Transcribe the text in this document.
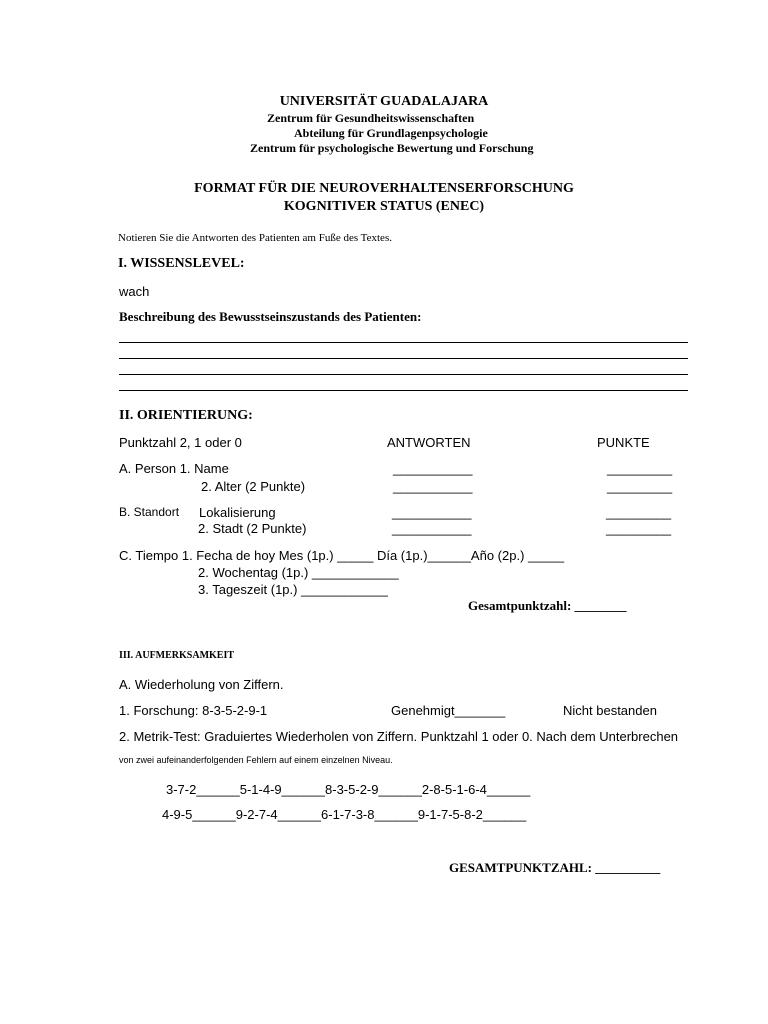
UNIVERSITÄT GUADALAJARA
Zentrum für Gesundheitswissenschaften
Abteilung für Grundlagenpsychologie
Zentrum für psychologische Bewertung und Forschung
FORMAT FÜR DIE NEUROVERHALTENSERFORSCHUNG
KOGNITIVER STATUS (ENEC)
Notieren Sie die Antworten des Patienten am Fuße des Textes.
I. WISSENSLEVEL:
wach
Beschreibung des Bewusstseinszustands des Patienten:
II. ORIENTIERUNG:
Punktzahl 2, 1 oder 0	ANTWORTEN	PUNKTE
A. Person 1. Name	___________	_________
2. Alter (2 Punkte)	___________	_________
B. Standort Lokalisierung	___________	_________
2. Stadt (2 Punkte)	___________	_________
C. Tiempo 1. Fecha de hoy Mes (1p.) _____ Día (1p.)______Año (2p.) _____
2. Wochentag (1p.) ____________
3. Tageszeit (1p.) ____________
Gesamtpunktzahl: ________
III. AUFMERKSAMKEIT
A. Wiederholung von Ziffern.
1. Forschung: 8-3-5-2-9-1	Genehmigt_______	Nicht bestanden
2. Metrik-Test: Graduiertes Wiederholen von Ziffern. Punktzahl 1 oder 0. Nach dem Unterbrechen
von zwei aufeinanderfolgenden Fehlern auf einem einzelnen Niveau.
3-7-2______5-1-4-9______8-3-5-2-9______2-8-5-1-6-4______
4-9-5______9-2-7-4______6-1-7-3-8______9-1-7-5-8-2______
GESAMTPUNKTZAHL: __________
